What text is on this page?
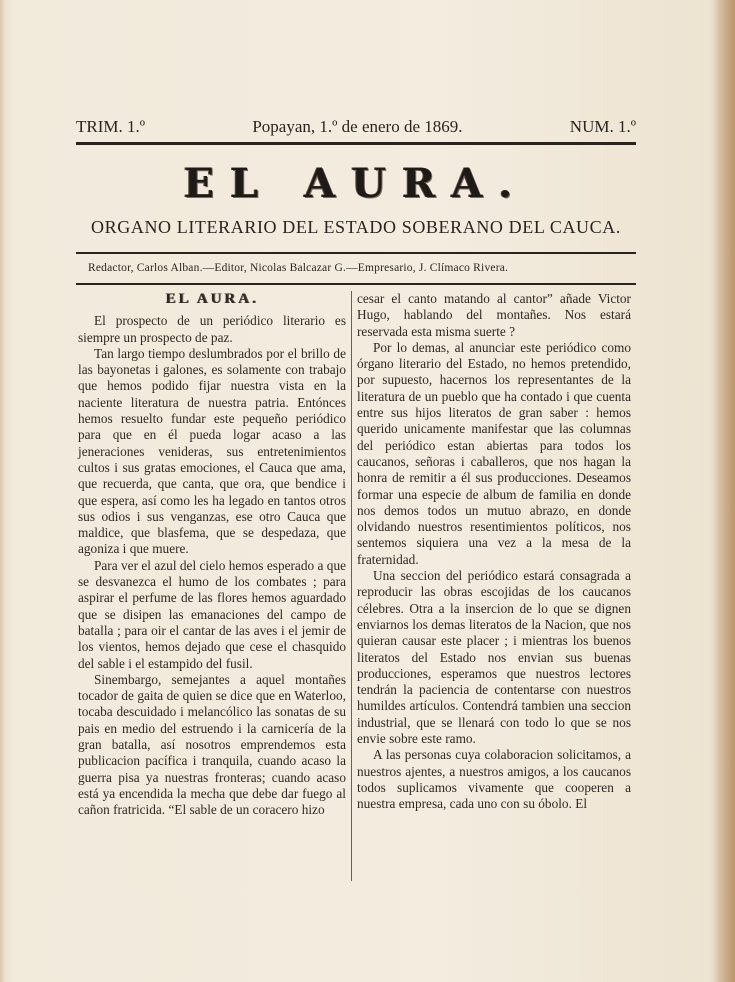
TRIM. 1.º	Popayan, 1.º de enero de 1869.	NUM. 1.º
EL AURA.
ORGANO LITERARIO DEL ESTADO SOBERANO DEL CAUCA.
Redactor, Carlos Alban.—Editor, Nicolas Balcazar G.—Empresario, J. Clímaco Rivera.
EL AURA.

El prospecto de un periódico literario es siempre un prospecto de paz.

Tan largo tiempo deslumbrados por el brillo de las bayonetas i galones, es solamente con trabajo que hemos podido fijar nuestra vista en la naciente literatura de nuestra patria. Entónces hemos resuelto fundar este pequeño periódico para que en él pueda logar acaso a las jeneraciones venideras, sus entretenimientos cultos i sus gratas emociones, el Cauca que ama, que recuerda, que canta, que ora, que bendice i que espera, así como les ha legado en tantos otros sus odios i sus venganzas, ese otro Cauca que maldice, que blasfema, que se despedaza, que agoniza i que muere.

Para ver el azul del cielo hemos esperado a que se desvanezca el humo de los combates ; para aspirar el perfume de las flores hemos aguardado que se disipen las emanaciones del campo de batalla ; para oir el cantar de las aves i el jemir de los vientos, hemos dejado que cese el chasquido del sable i el estampido del fusil.

Sinembargo, semejantes a aquel montañes tocador de gaita de quien se dice que en Waterloo, tocaba descuidado i melancólico las sonatas de su pais en medio del estruendo i la carnicería de la gran batalla, así nosotros emprendemos esta publicacion pacífica i tranquila, cuando acaso la guerra pisa ya nuestras fronteras; cuando acaso está ya encendida la mecha que debe dar fuego al cañon fratricida. “El sable de un coracero hizo

cesar el canto matando al cantor” añade Victor Hugo, hablando del montañes. Nos estará reservada esta misma suerte ?

Por lo demas, al anunciar este periódico como órgano literario del Estado, no hemos pretendido, por supuesto, hacernos los representantes de la literatura de un pueblo que ha contado i que cuenta entre sus hijos literatos de gran saber : hemos querido unicamente manifestar que las columnas del periódico estan abiertas para todos los caucanos, señoras i caballeros, que nos hagan la honra de remitir a él sus producciones. Deseamos formar una especie de album de familia en donde nos demos todos un mutuo abrazo, en donde olvidando nuestros resentimientos políticos, nos sentemos siquiera una vez a la mesa de la fraternidad.

Una seccion del periódico estará consagrada a reproducir las obras escojidas de los caucanos célebres. Otra a la insercion de lo que se dignen enviarnos los demas literatos de la Nacion, que nos quieran causar este placer ; i mientras los buenos literatos del Estado nos envian sus buenas producciones, esperamos que nuestros lectores tendrán la paciencia de contentarse con nuestros humildes artículos. Contendrá tambien una seccion industrial, que se llenará con todo lo que se nos envie sobre este ramo.

A las personas cuya colaboracion solicitamos, a nuestros ajentes, a nuestros amigos, a los caucanos todos suplicamos vivamente que cooperen a nuestra empresa, cada uno con su óbolo. El
